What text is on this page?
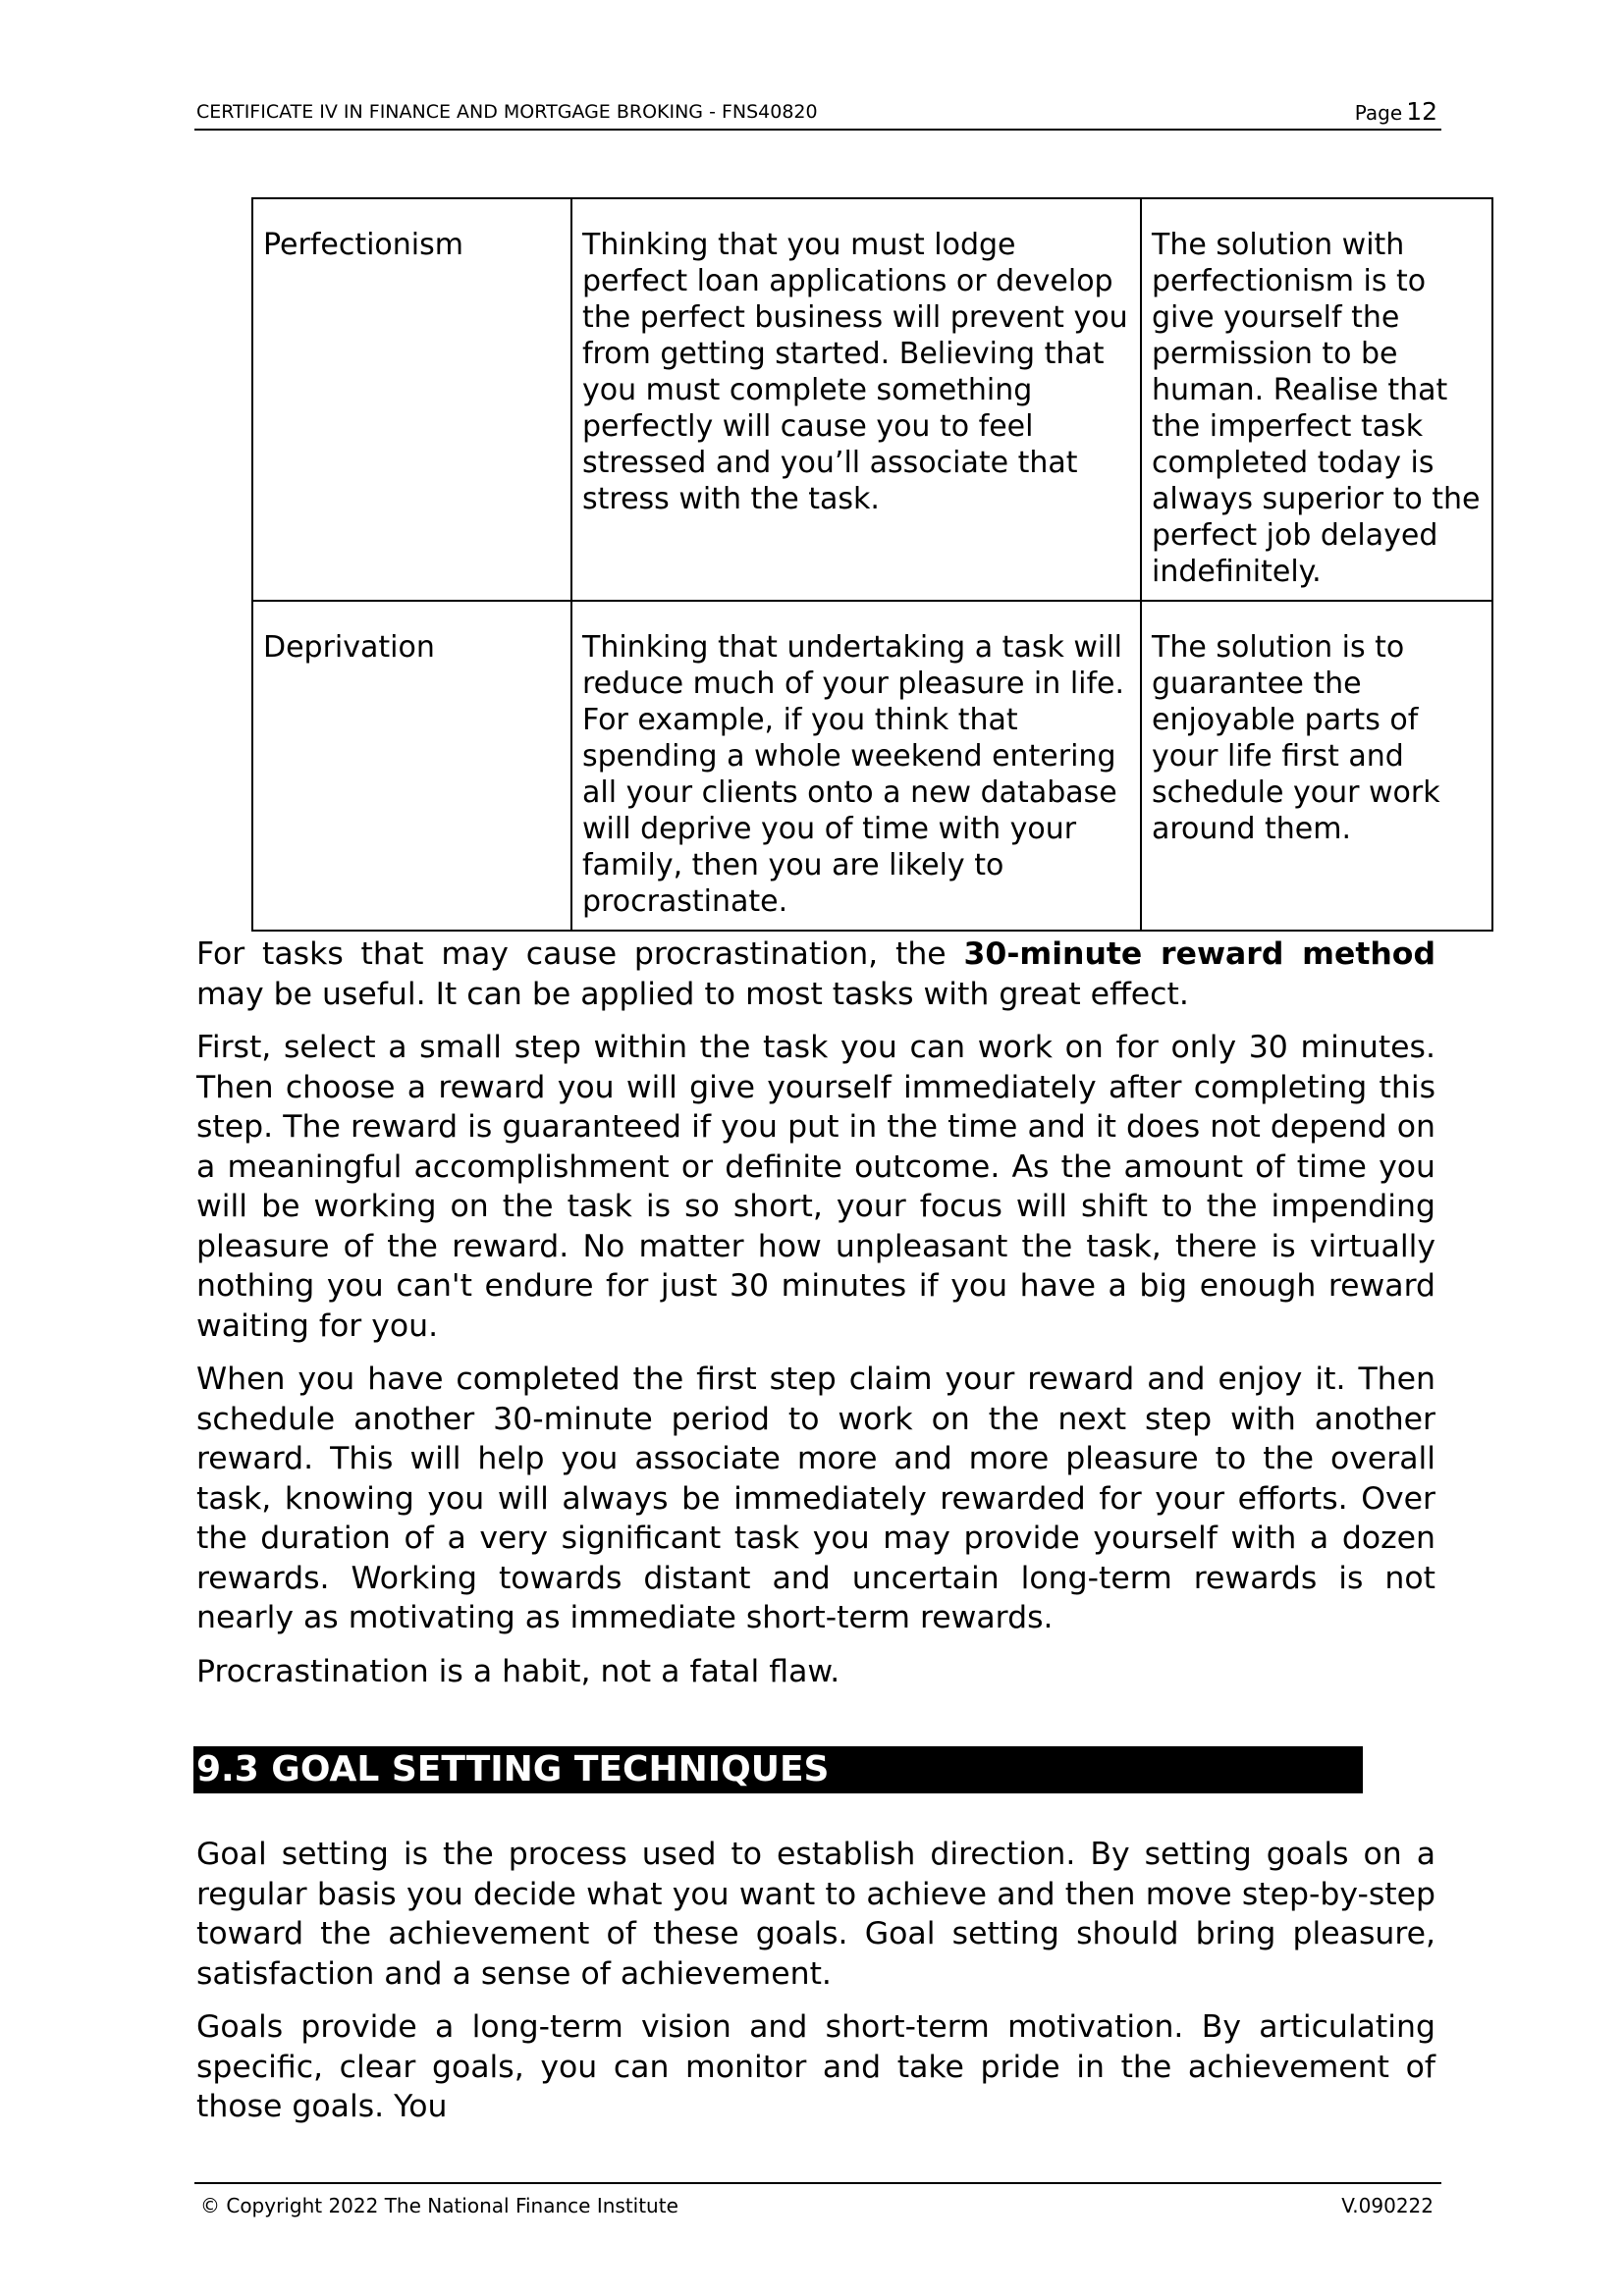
CERTIFICATE IV IN FINANCE AND MORTGAGE BROKING - FNS40820	Page 12
Perfectionism	Thinking that you must lodge perfect loan applications or develop the perfect business will prevent you from getting started. Believing that you must complete something perfectly will cause you to feel stressed and you’ll associate that stress with the task.	The solution with perfectionism is to give yourself the permission to be human. Realise that the imperfect task completed today is always superior to the perfect job delayed indefinitely.
Deprivation	Thinking that undertaking a task will reduce much of your pleasure in life. For example, if you think that spending a whole weekend entering all your clients onto a new database will deprive you of time with your family, then you are likely to procrastinate.	The solution is to guarantee the enjoyable parts of your life first and schedule your work around them.

For tasks that may cause procrastination, the 30-minute reward method may be useful. It can be applied to most tasks with great effect.

First, select a small step within the task you can work on for only 30 minutes. Then choose a reward you will give yourself immediately after completing this step. The reward is guaranteed if you put in the time and it does not depend on a meaningful accomplishment or definite outcome. As the amount of time you will be working on the task is so short, your focus will shift to the impending pleasure of the reward. No matter how unpleasant the task, there is virtually nothing you can't endure for just 30 minutes if you have a big enough reward waiting for you.

When you have completed the first step claim your reward and enjoy it. Then schedule another 30-minute period to work on the next step with another reward. This will help you associate more and more pleasure to the overall task, knowing you will always be immediately rewarded for your efforts. Over the duration of a very significant task you may provide yourself with a dozen rewards. Working towards distant and uncertain long-term rewards is not nearly as motivating as immediate short-term rewards.

Procrastination is a habit, not a fatal flaw.

9.3 GOAL SETTING TECHNIQUES

Goal setting is the process used to establish direction. By setting goals on a regular basis you decide what you want to achieve and then move step-by-step toward the achievement of these goals. Goal setting should bring pleasure, satisfaction and a sense of achievement.

Goals provide a long-term vision and short-term motivation. By articulating specific, clear goals, you can monitor and take pride in the achievement of those goals. You

© Copyright 2022 The National Finance Institute	V.090222
